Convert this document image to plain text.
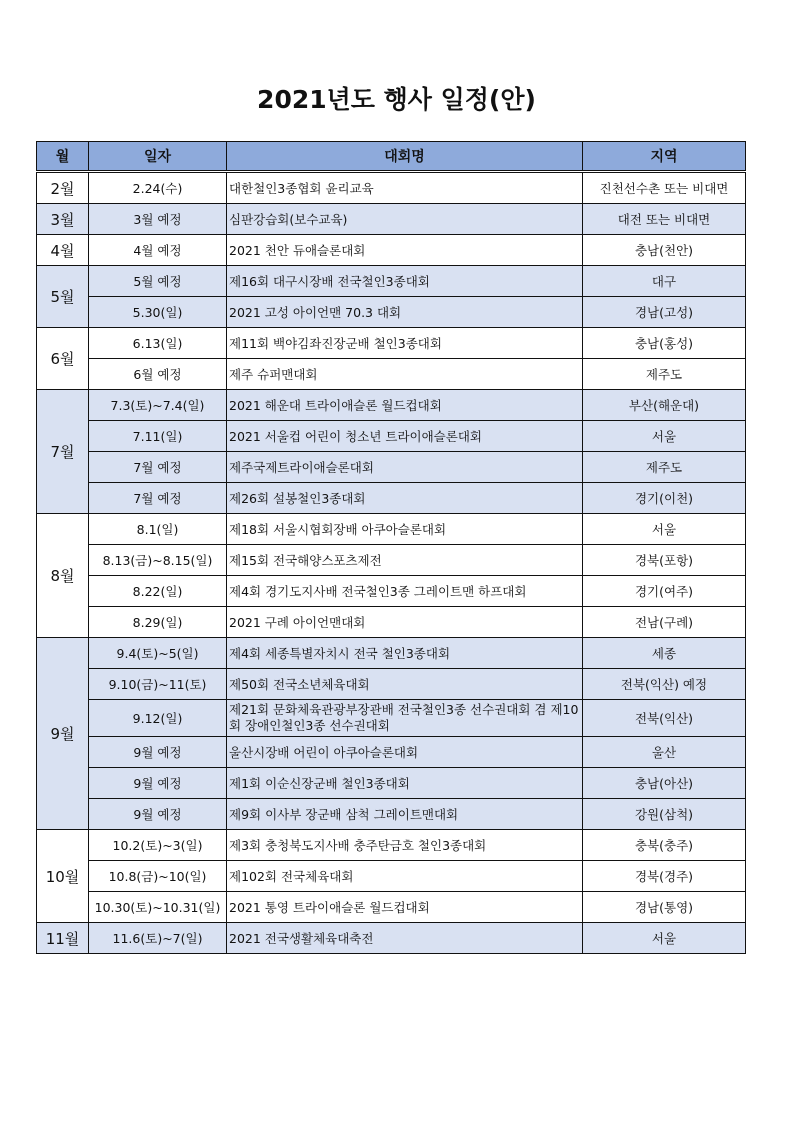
2021년도 행사 일정(안)
월	일자	대회명	지역
2월	2.24(수)	대한철인3종협회 윤리교육	진천선수촌 또는 비대면
3월	3월 예정	심판강습회(보수교육)	대전 또는 비대면
4월	4월 예정	2021 천안 듀애슬론대회	충남(천안)
5월	5월 예정	제16회 대구시장배 전국철인3종대회	대구
	5.30(일)	2021 고성 아이언맨 70.3 대회	경남(고성)
6월	6.13(일)	제11회 백야김좌진장군배 철인3종대회	충남(홍성)
	6월 예정	제주 슈퍼맨대회	제주도
7월	7.3(토)~7.4(일)	2021 해운대 트라이애슬론 월드컵대회	부산(해운대)
	7.11(일)	2021 서울컵 어린이 청소년 트라이애슬론대회	서울
	7월 예정	제주국제트라이애슬론대회	제주도
	7월 예정	제26회 설봉철인3종대회	경기(이천)
8월	8.1(일)	제18회 서울시협회장배 아쿠아슬론대회	서울
	8.13(금)~8.15(일)	제15회 전국해양스포츠제전	경북(포항)
	8.22(일)	제4회 경기도지사배 전국철인3종 그레이트맨 하프대회	경기(여주)
	8.29(일)	2021 구례 아이언맨대회	전남(구례)
9월	9.4(토)~5(일)	제4회 세종특별자치시 전국 철인3종대회	세종
	9.10(금)~11(토)	제50회 전국소년체육대회	전북(익산) 예정
	9.12(일)	제21회 문화체육관광부장관배 전국철인3종 선수권대회 겸 제10회 장애인철인3종 선수권대회	전북(익산)
	9월 예정	울산시장배 어린이 아쿠아슬론대회	울산
	9월 예정	제1회 이순신장군배 철인3종대회	충남(아산)
	9월 예정	제9회 이사부 장군배 삼척 그레이트맨대회	강원(삼척)
10월	10.2(토)~3(일)	제3회 충청북도지사배 충주탄금호 철인3종대회	충북(충주)
	10.8(금)~10(일)	제102회 전국체육대회	경북(경주)
	10.30(토)~10.31(일)	2021 통영 트라이애슬론 월드컵대회	경남(통영)
11월	11.6(토)~7(일)	2021 전국생활체육대축전	서울
